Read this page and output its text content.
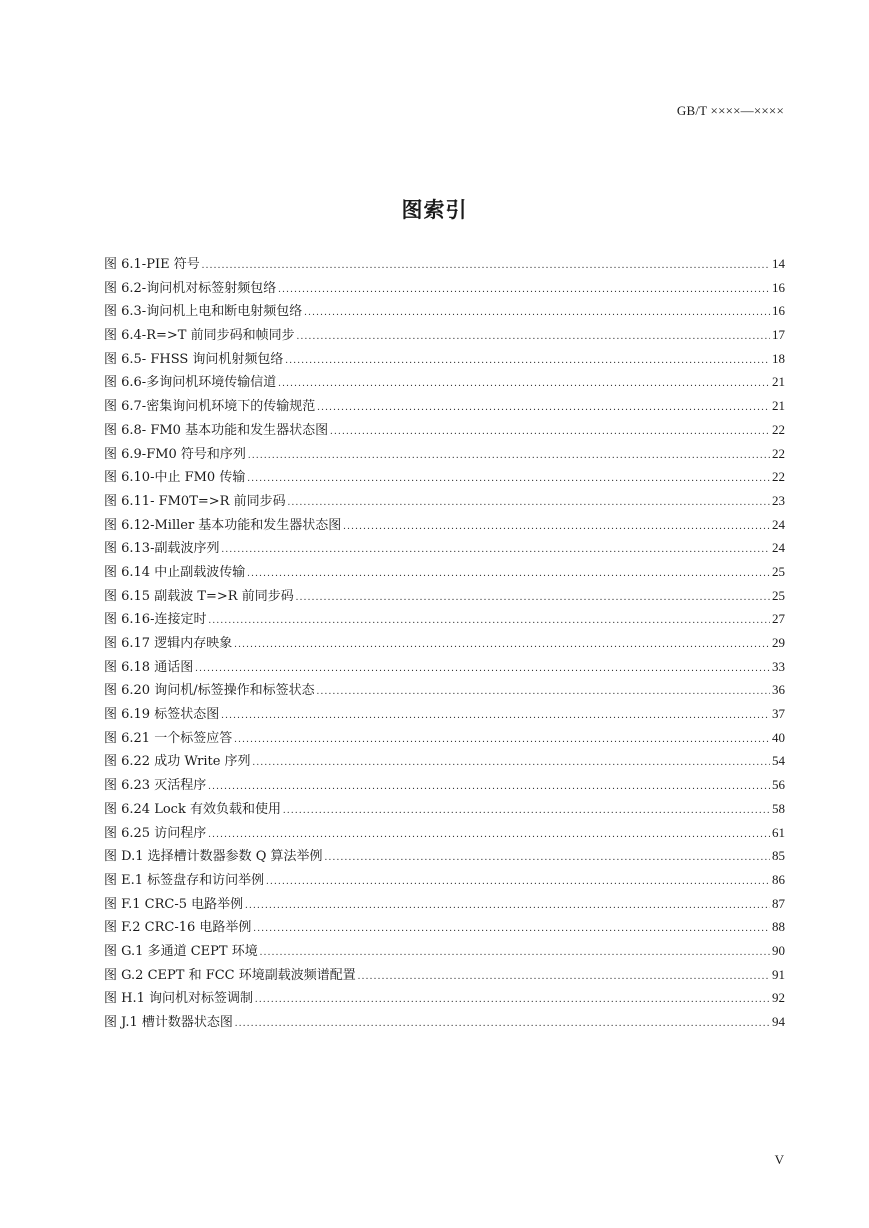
GB/T ××××—××××
图索引
图 6.1-PIE 符号 .....	14
图 6.2-询问机对标签射频包络 .....	16
图 6.3-询问机上电和断电射频包络 .....	16
图 6.4-R=>T 前同步码和帧同步 .....	17
图 6.5- FHSS 询问机射频包络 .....	18
图 6.6-多询问机环境传输信道 .....	21
图 6.7-密集询问机环境下的传输规范 .....	21
图 6.8- FM0 基本功能和发生器状态图 .....	22
图 6.9-FM0 符号和序列 .....	22
图 6.10-中止 FM0 传输 .....	22
图 6.11- FM0T=>R 前同步码 .....	23
图 6.12-Miller 基本功能和发生器状态图 .....	24
图 6.13-副载波序列 .....	24
图 6.14 中止副载波传输 .....	25
图 6.15 副载波 T=>R 前同步码 .....	25
图 6.16-连接定时 .....	27
图 6.17 逻辑内存映象 .....	29
图 6.18 通话图 .....	33
图 6.20 询问机/标签操作和标签状态 .....	36
图 6.19 标签状态图 .....	37
图 6.21 一个标签应答 .....	40
图 6.22 成功 Write 序列 .....	54
图 6.23 灭活程序 .....	56
图 6.24 Lock 有效负载和使用 .....	58
图 6.25 访问程序 .....	61
图 D.1 选择槽计数器参数 Q 算法举例 .....	85
图 E.1 标签盘存和访问举例 .....	86
图 F.1 CRC-5 电路举例 .....	87
图 F.2 CRC-16 电路举例 .....	88
图 G.1 多通道 CEPT 环境 .....	90
图 G.2 CEPT 和 FCC 环境副载波频谱配置 .....	91
图 H.1 询问机对标签调制 .....	92
图 J.1 槽计数器状态图 .....	94
V
